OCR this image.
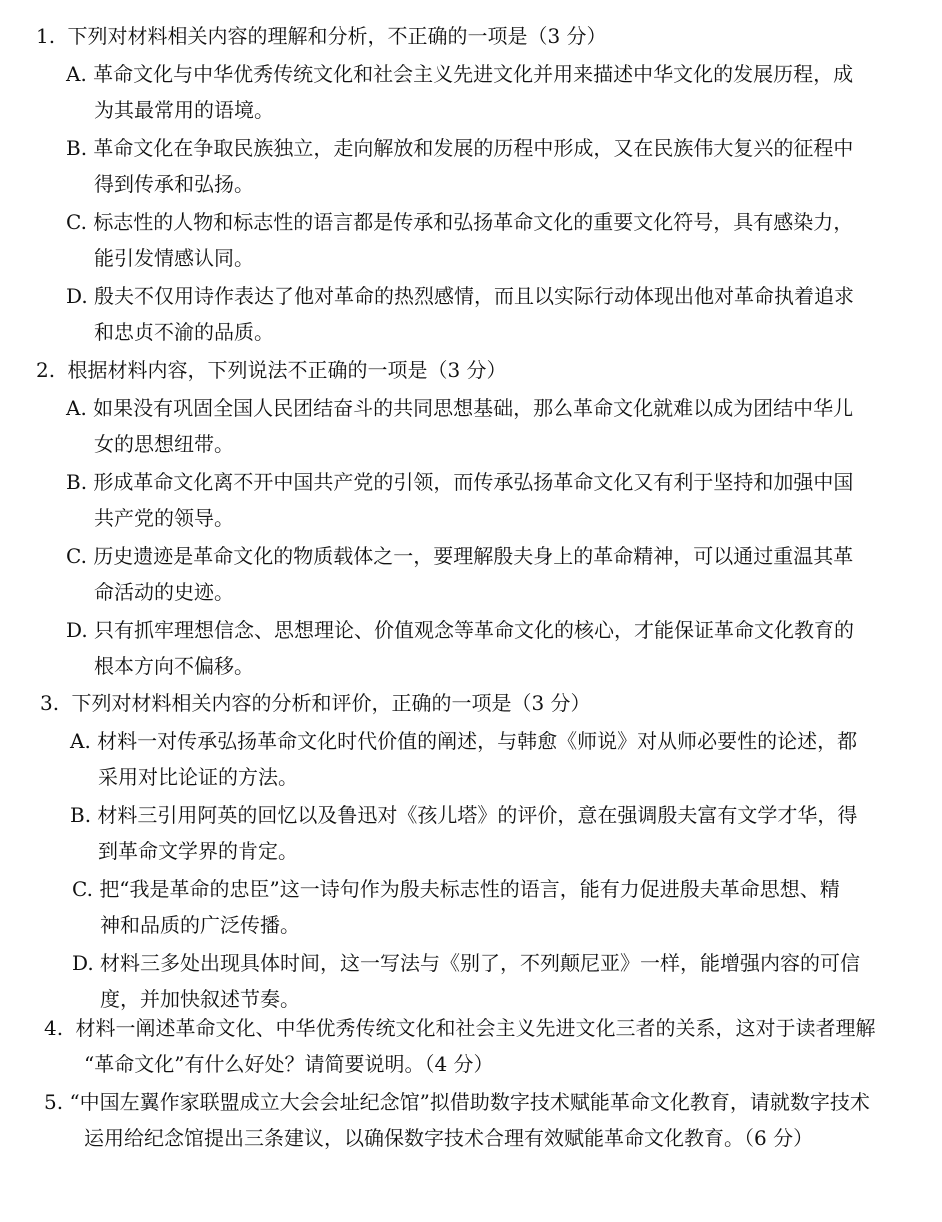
1. 下列对材料相关内容的理解和分析，不正确的一项是（3 分）
A. 革命文化与中华优秀传统文化和社会主义先进文化并用来描述中华文化的发展历程，成
为其最常用的语境。
B. 革命文化在争取民族独立，走向解放和发展的历程中形成，又在民族伟大复兴的征程中
得到传承和弘扬。
C. 标志性的人物和标志性的语言都是传承和弘扬革命文化的重要文化符号，具有感染力，
能引发情感认同。
D. 殷夫不仅用诗作表达了他对革命的热烈感情，而且以实际行动体现出他对革命执着追求
和忠贞不渝的品质。
2. 根据材料内容，下列说法不正确的一项是（3 分）
A. 如果没有巩固全国人民团结奋斗的共同思想基础，那么革命文化就难以成为团结中华儿
女的思想纽带。
B. 形成革命文化离不开中国共产党的引领，而传承弘扬革命文化又有利于坚持和加强中国
共产党的领导。
C. 历史遗迹是革命文化的物质载体之一，要理解殷夫身上的革命精神，可以通过重温其革
命活动的史迹。
D. 只有抓牢理想信念、思想理论、价值观念等革命文化的核心，才能保证革命文化教育的
根本方向不偏移。
3. 下列对材料相关内容的分析和评价，正确的一项是（3 分）
A. 材料一对传承弘扬革命文化时代价值的阐述，与韩愈《师说》对从师必要性的论述，都
采用对比论证的方法。
B. 材料三引用阿英的回忆以及鲁迅对《孩儿塔》的评价，意在强调殷夫富有文学才华，得
到革命文学界的肯定。
C. 把“我是革命的忠臣”这一诗句作为殷夫标志性的语言，能有力促进殷夫革命思想、精
神和品质的广泛传播。
D. 材料三多处出现具体时间，这一写法与《别了，不列颠尼亚》一样，能增强内容的可信
度，并加快叙述节奏。
4. 材料一阐述革命文化、中华优秀传统文化和社会主义先进文化三者的关系，这对于读者理解
“革命文化”有什么好处？请简要说明。（4 分）
5. “中国左翼作家联盟成立大会会址纪念馆”拟借助数字技术赋能革命文化教育，请就数字技术
运用给纪念馆提出三条建议，以确保数字技术合理有效赋能革命文化教育。（6 分）
